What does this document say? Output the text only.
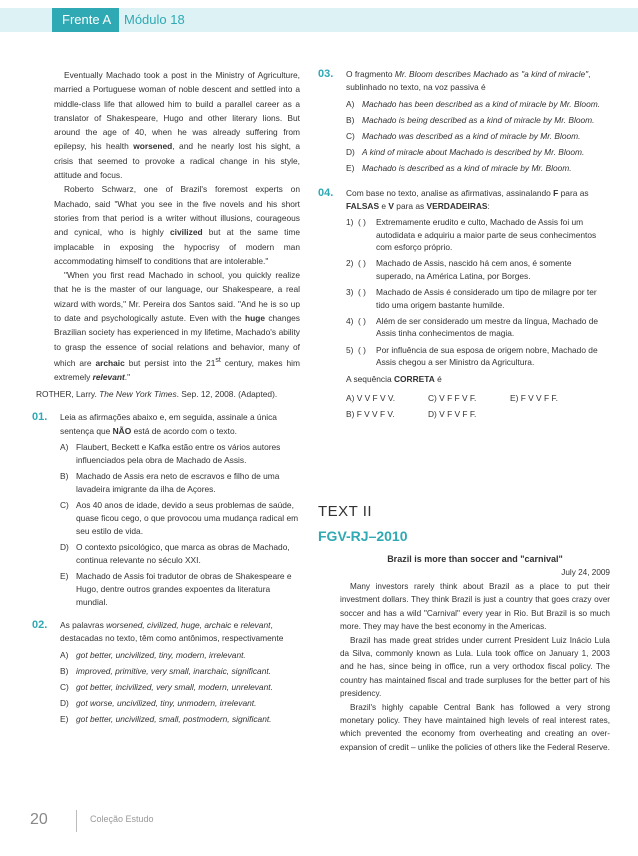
Frente A Módulo 18

Eventually Machado took a post in the Ministry of Agriculture, married a Portuguese woman of noble descent and settled into a middle-class life that allowed him to build a parallel career as a translator of Shakespeare, Hugo and other literary lions. But around the age of 40, when he was already suffering from epilepsy, his health worsened, and he nearly lost his sight, a crisis that seemed to provoke a radical change in his style, attitude and focus.

Roberto Schwarz, one of Brazil's foremost experts on Machado, said "What you see in the five novels and his short stories from that period is a writer without illusions, courageous and cynical, who is highly civilized but at the same time implacable in exposing the hypocrisy of modern man accommodating himself to conditions that are intolerable."

"When you first read Machado in school, you quickly realize that he is the master of our language, our Shakespeare, a real wizard with words," Mr. Pereira dos Santos said. "And he is so up to date and psychologically astute. Even with the huge changes Brazilian society has experienced in my lifetime, Machado's ability to grasp the essence of social relations and behavior, many of which are archaic but persist into the 21st century, makes him extremely relevant."

ROTHER, Larry. The New York Times. Sep. 12, 2008. (Adapted).
01.	Leia as afirmações abaixo e, em seguida, assinale a única sentença que NÃO está de acordo com o texto.
A) Flaubert, Beckett e Kafka estão entre os vários autores influenciados pela obra de Machado de Assis.
B) Machado de Assis era neto de escravos e filho de uma lavadeira imigrante da ilha de Açores.
C) Aos 40 anos de idade, devido a seus problemas de saúde, quase ficou cego, o que provocou uma mudança radical em seu estilo de vida.
D) O contexto psicológico, que marca as obras de Machado, continua relevante no século XXI.
E) Machado de Assis foi tradutor de obras de Shakespeare e Hugo, dentre outros grandes expoentes da literatura mundial.
02.	As palavras worsened, civilized, huge, archaic e relevant, destacadas no texto, têm como antônimos, respectivamente
A) got better, uncivilized, tiny, modern, irrelevant.
B) improved, primitive, very small, inarchaic, significant.
C) got better, incivilized, very small, modern, unrelevant.
D) got worse, uncivilized, tiny, unmodern, irrelevant.
E) got better, uncivilized, small, postmodern, significant.
03.	O fragmento Mr. Bloom describes Machado as "a kind of miracle", sublinhado no texto, na voz passiva é
A) Machado has been described as a kind of miracle by Mr. Bloom.
B) Machado is being described as a kind of miracle by Mr. Bloom.
C) Machado was described as a kind of miracle by Mr. Bloom.
D) A kind of miracle about Machado is described by Mr. Bloom.
E) Machado is described as a kind of miracle by Mr. Bloom.
04.	Com base no texto, analise as afirmativas, assinalando F para as FALSAS e V para as VERDADEIRAS:
1) ( ) Extremamente erudito e culto, Machado de Assis foi um autodidata e adquiriu a maior parte de seus conhecimentos com esforço próprio.
2) ( ) Machado de Assis, nascido há cem anos, é somente superado, na América Latina, por Borges.
3) ( ) Machado de Assis é considerado um tipo de milagre por ter tido uma origem bastante humilde.
4) ( ) Além de ser considerado um mestre da língua, Machado de Assis tinha conhecimentos de magia.
5) ( ) Por influência de sua esposa de origem nobre, Machado de Assis chegou a ser Ministro da Agricultura.
A sequência CORRETA é
A) V V F V V.	C) V F F V F.	E) F V V F F.
B) F V V F V.	D) V F V F F.
TEXT II
FGV-RJ–2010
Brazil is more than soccer and "carnival"
July 24, 2009

Many investors rarely think about Brazil as a place to put their investment dollars. They think Brazil is just a country that goes crazy over soccer and has a wild "Carnival" every year in Rio. But Brazil is so much more. They may have the best economy in the Americas.

Brazil has made great strides under current President Luiz Inácio Lula da Silva, commonly known as Lula. Lula took office on January 1, 2003 and he has, since being in office, run a very orthodox fiscal policy. The country has maintained fiscal and trade surpluses for the better part of his presidency.

Brazil's highly capable Central Bank has followed a very strong monetary policy. They have maintained high levels of real interest rates, which prevented the economy from overheating and creating an over-expansion of credit – unlike the policies of others like the Federal Reserve.

20	Coleção Estudo
